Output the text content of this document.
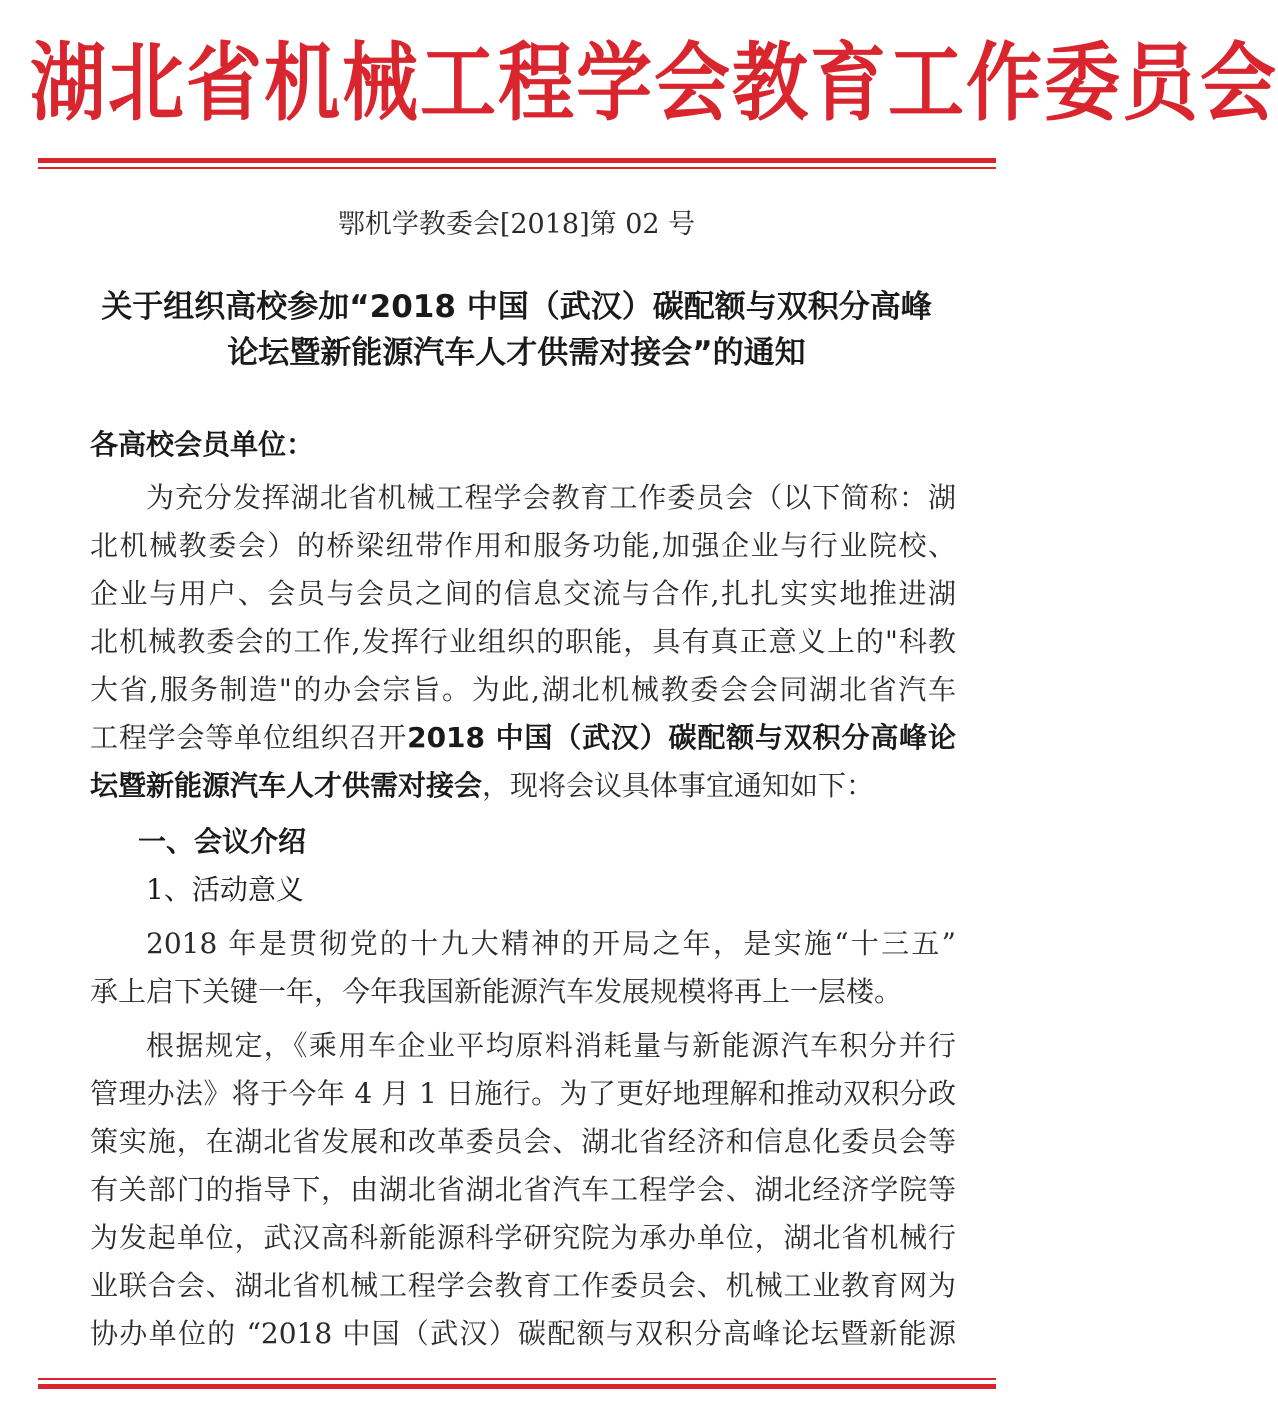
湖北省机械工程学会教育工作委员会
鄂机学教委会[2018]第 02 号
关于组织高校参加“2018 中国（武汉）碳配额与双积分高峰
论坛暨新能源汽车人才供需对接会”的通知
各高校会员单位：
为充分发挥湖北省机械工程学会教育工作委员会（以下简称：湖
北机械教委会）的桥梁纽带作用和服务功能,加强企业与行业院校、
企业与用户、会员与会员之间的信息交流与合作,扎扎实实地推进湖
北机械教委会的工作,发挥行业组织的职能，具有真正意义上的"科教
大省,服务制造"的办会宗旨。为此,湖北机械教委会会同湖北省汽车
工程学会等单位组织召开2018 中国（武汉）碳配额与双积分高峰论
坛暨新能源汽车人才供需对接会，现将会议具体事宜通知如下：
一、会议介绍
1、活动意义
2018 年是贯彻党的十九大精神的开局之年，是实施“十三五”
承上启下关键一年，今年我国新能源汽车发展规模将再上一层楼。
根据规定，《乘用车企业平均原料消耗量与新能源汽车积分并行
管理办法》将于今年 4 月 1 日施行。为了更好地理解和推动双积分政
策实施，在湖北省发展和改革委员会、湖北省经济和信息化委员会等
有关部门的指导下，由湖北省湖北省汽车工程学会、湖北经济学院等
为发起单位，武汉高科新能源科学研究院为承办单位，湖北省机械行
业联合会、湖北省机械工程学会教育工作委员会、机械工业教育网为
协办单位的 “2018 中国（武汉）碳配额与双积分高峰论坛暨新能源
